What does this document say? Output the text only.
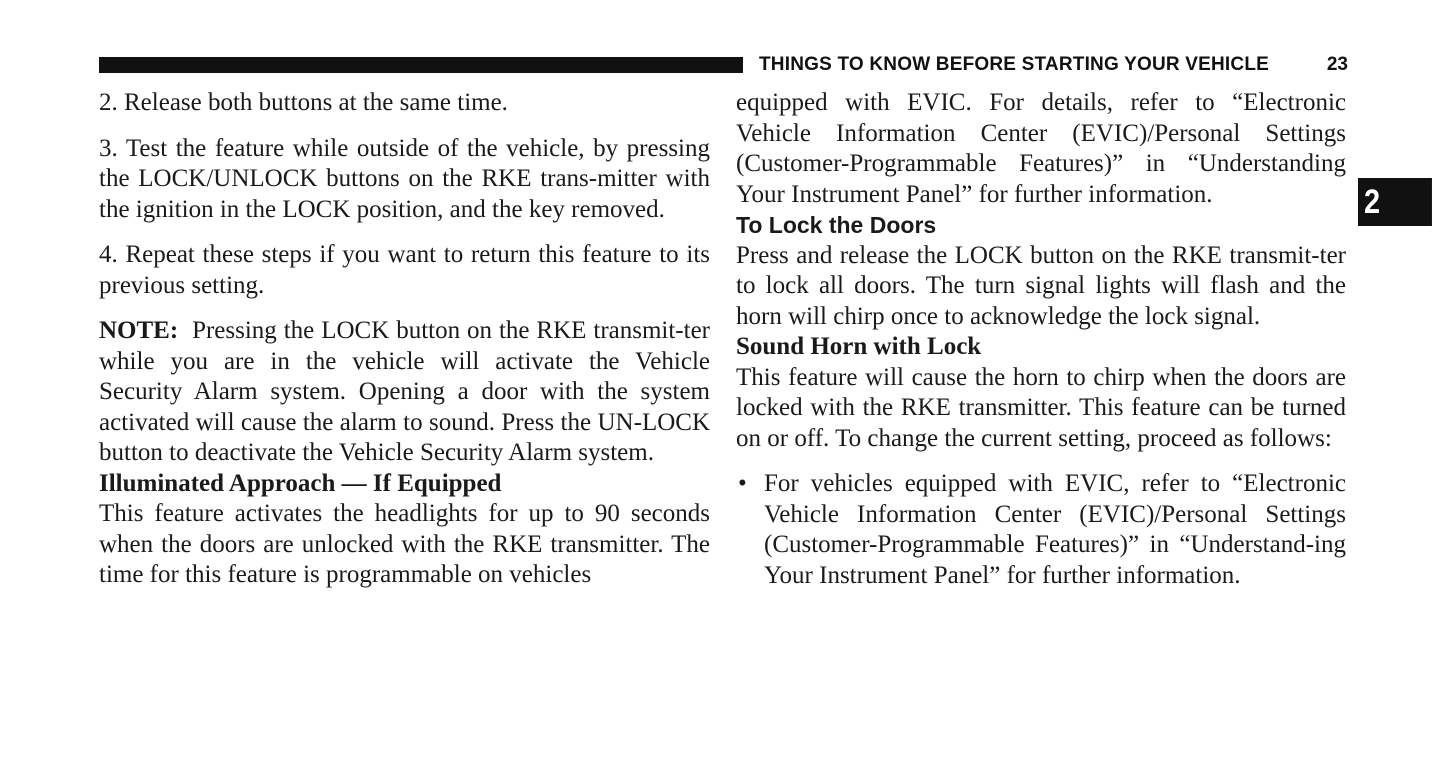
THINGS TO KNOW BEFORE STARTING YOUR VEHICLE	23
2

2. Release both buttons at the same time.

3. Test the feature while outside of the vehicle, by pressing the LOCK/UNLOCK buttons on the RKE trans-mitter with the ignition in the LOCK position, and the key removed.

4. Repeat these steps if you want to return this feature to its previous setting.

NOTE: Pressing the LOCK button on the RKE transmit-ter while you are in the vehicle will activate the Vehicle Security Alarm system. Opening a door with the system activated will cause the alarm to sound. Press the UN-LOCK button to deactivate the Vehicle Security Alarm system.

Illuminated Approach — If Equipped

This feature activates the headlights for up to 90 seconds when the doors are unlocked with the RKE transmitter. The time for this feature is programmable on vehicles

equipped with EVIC. For details, refer to “Electronic Vehicle Information Center (EVIC)/Personal Settings (Customer-Programmable Features)” in “Understanding Your Instrument Panel” for further information.

To Lock the Doors

Press and release the LOCK button on the RKE transmit-ter to lock all doors. The turn signal lights will flash and the horn will chirp once to acknowledge the lock signal.

Sound Horn with Lock

This feature will cause the horn to chirp when the doors are locked with the RKE transmitter. This feature can be turned on or off. To change the current setting, proceed as follows:

• For vehicles equipped with EVIC, refer to “Electronic Vehicle Information Center (EVIC)/Personal Settings (Customer-Programmable Features)” in “Understand-ing Your Instrument Panel” for further information.
